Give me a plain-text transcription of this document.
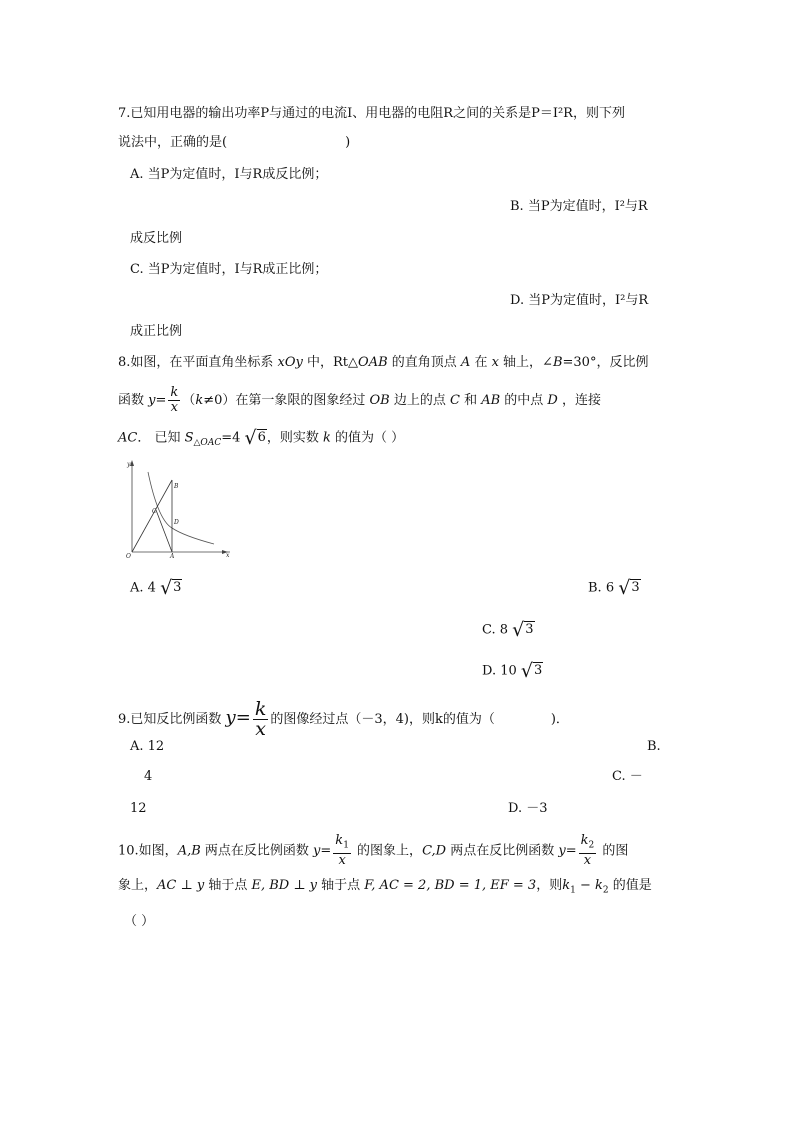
7.已知用电器的输出功率P与通过的电流I、用电器的电阻R之间的关系是P＝I²R，则下列
说法中，正确的是(	)
A. 当P为定值时，I与R成反比例；
B. 当P为定值时，I²与R
成反比例
C. 当P为定值时，I与R成正比例；
D. 当P为定值时，I²与R
成正比例
8.如图，在平面直角坐标系 xOy 中，Rt△OAB 的直角顶点 A 在 x 轴上，∠B=30°，反比例
函数 $y= \frac{k}{x} (k\ne 0)$在第一象限的图象经过 OB 边上的点 C 和 AB 的中点 D ，连接
AC． 已知 $S_{\triangle OAC}=4$ √6，则实数 k 的值为（ ）
y
x
O	A
B
C
D
A. 4 √3	B. 6 √3
C. 8 √3
D. 10 √3
9.已知反比例函数 $y= \frac{k}{x}$ 的图像经过点（－3，4)，则k的值为（	)．
A. 12	B.
4	C. －
12	D. －3
10.如图，A,B 两点在反比例函数 $y= \frac{k_1}{x}$ 的图象上，C,D 两点在反比例函数 $y= \frac{k_2}{x}$ 的图
象上，AC ⊥ y 轴于点 E, BD ⊥ y 轴于点 F, AC = 2, BD = 1, EF = 3，则$k_1 - k_2$ 的值是
（ ）
